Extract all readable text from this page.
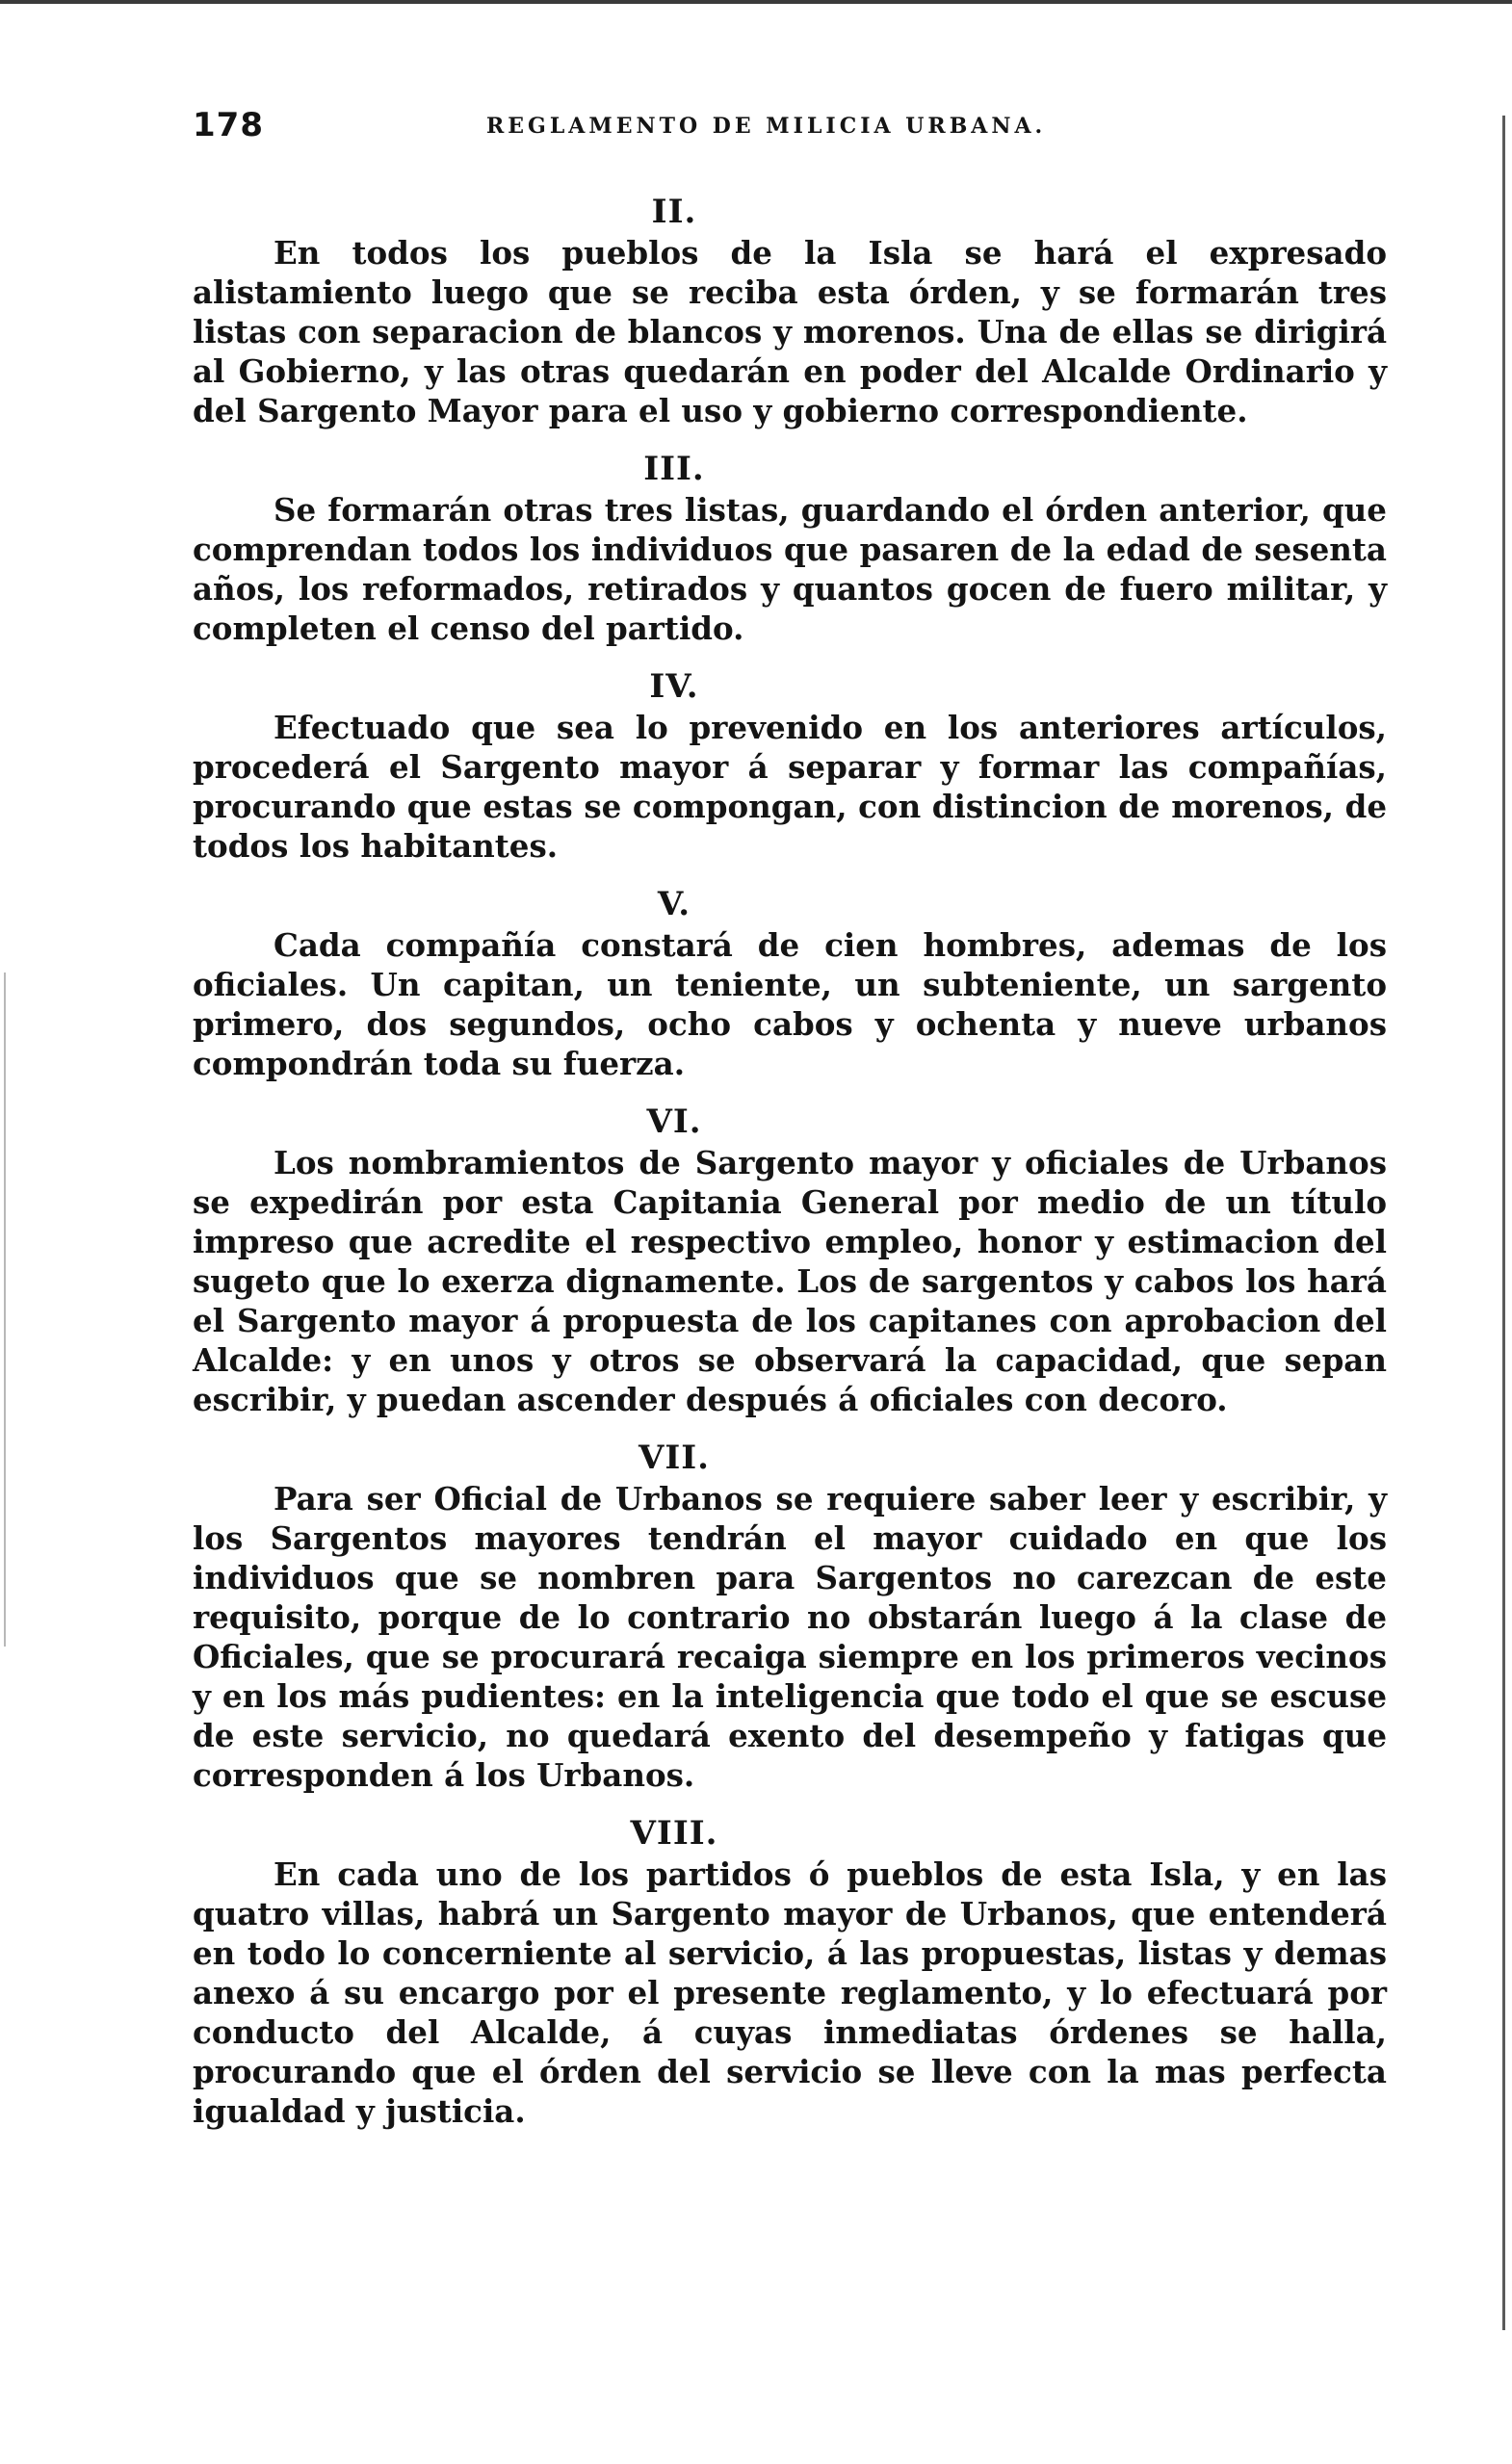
178	REGLAMENTO DE MILICIA URBANA.

II.

En todos los pueblos de la Isla se hará el expresado alistamiento luego que se reciba esta órden, y se formarán tres listas con separacion de blancos y morenos. Una de ellas se dirigirá al Gobierno, y las otras quedarán en poder del Alcalde Ordinario y del Sargento Mayor para el uso y gobierno correspondiente.

III.

Se formarán otras tres listas, guardando el órden anterior, que comprendan todos los individuos que pasaren de la edad de sesenta años, los reformados, retirados y quantos gocen de fuero militar, y completen el censo del partido.

IV.

Efectuado que sea lo prevenido en los anteriores artículos, procederá el Sargento mayor á separar y formar las compañías, procurando que estas se compongan, con distincion de morenos, de todos los habitantes.

V.

Cada compañía constará de cien hombres, ademas de los oficiales. Un capitan, un teniente, un subteniente, un sargento primero, dos segundos, ocho cabos y ochenta y nueve urbanos compondrán toda su fuerza.

VI.

Los nombramientos de Sargento mayor y oficiales de Urbanos se expedirán por esta Capitania General por medio de un título impreso que acredite el respectivo empleo, honor y estimacion del sugeto que lo exerza dignamente. Los de sargentos y cabos los hará el Sargento mayor á propuesta de los capitanes con aprobacion del Alcalde: y en unos y otros se observará la capacidad, que sepan escribir, y puedan ascender después á oficiales con decoro.

VII.

Para ser Oficial de Urbanos se requiere saber leer y escribir, y los Sargentos mayores tendrán el mayor cuidado en que los individuos que se nombren para Sargentos no carezcan de este requisito, porque de lo contrario no obstarán luego á la clase de Oficiales, que se procurará recaiga siempre en los primeros vecinos y en los más pudientes: en la inteligencia que todo el que se escuse de este servicio, no quedará exento del desempeño y fatigas que corresponden á los Urbanos.

VIII.

En cada uno de los partidos ó pueblos de esta Isla, y en las quatro villas, habrá un Sargento mayor de Urbanos, que entenderá en todo lo concerniente al servicio, á las propuestas, listas y demas anexo á su encargo por el presente reglamento, y lo efectuará por conducto del Alcalde, á cuyas inmediatas órdenes se halla, procurando que el órden del servicio se lleve con la mas perfecta igualdad y justicia.
